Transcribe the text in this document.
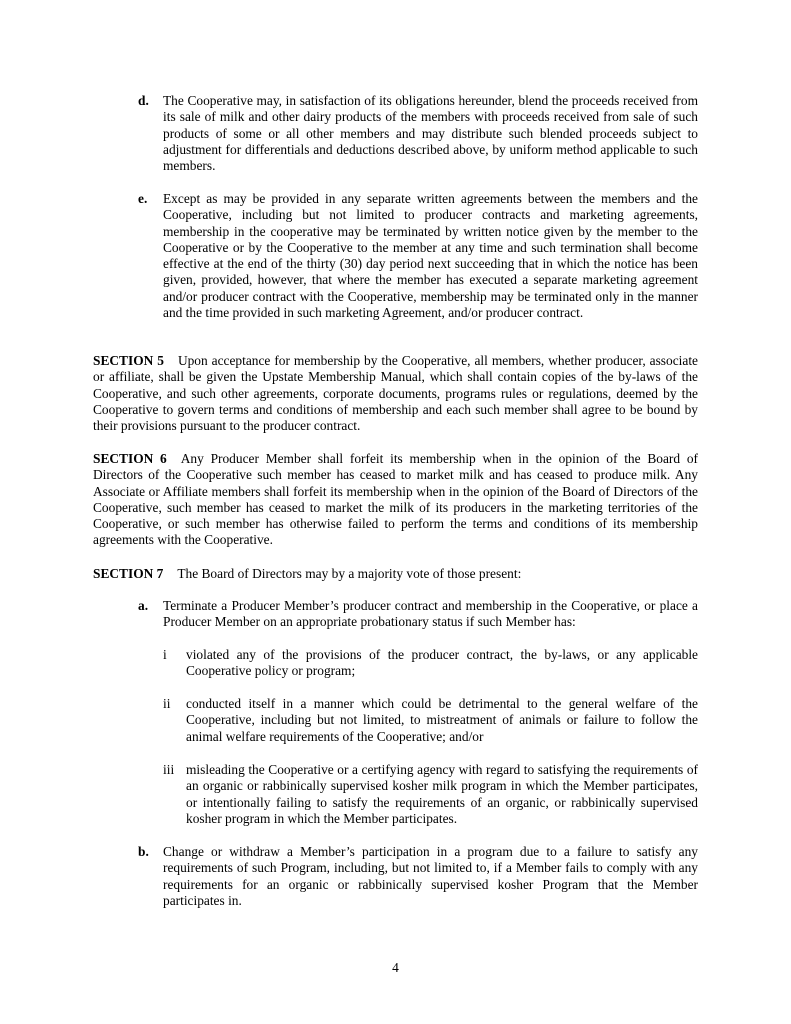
d. The Cooperative may, in satisfaction of its obligations hereunder, blend the proceeds received from its sale of milk and other dairy products of the members with proceeds received from sale of such products of some or all other members and may distribute such blended proceeds subject to adjustment for differentials and deductions described above, by uniform method applicable to such members.
e. Except as may be provided in any separate written agreements between the members and the Cooperative, including but not limited to producer contracts and marketing agreements, membership in the cooperative may be terminated by written notice given by the member to the Cooperative or by the Cooperative to the member at any time and such termination shall become effective at the end of the thirty (30) day period next succeeding that in which the notice has been given, provided, however, that where the member has executed a separate marketing agreement and/or producer contract with the Cooperative, membership may be terminated only in the manner and the time provided in such marketing Agreement, and/or producer contract.
SECTION 5 Upon acceptance for membership by the Cooperative, all members, whether producer, associate or affiliate, shall be given the Upstate Membership Manual, which shall contain copies of the by-laws of the Cooperative, and such other agreements, corporate documents, programs rules or regulations, deemed by the Cooperative to govern terms and conditions of membership and each such member shall agree to be bound by their provisions pursuant to the producer contract.
SECTION 6 Any Producer Member shall forfeit its membership when in the opinion of the Board of Directors of the Cooperative such member has ceased to market milk and has ceased to produce milk. Any Associate or Affiliate members shall forfeit its membership when in the opinion of the Board of Directors of the Cooperative, such member has ceased to market the milk of its producers in the marketing territories of the Cooperative, or such member has otherwise failed to perform the terms and conditions of its membership agreements with the Cooperative.
SECTION 7 The Board of Directors may by a majority vote of those present:
a. Terminate a Producer Member’s producer contract and membership in the Cooperative, or place a Producer Member on an appropriate probationary status if such Member has:
i violated any of the provisions of the producer contract, the by-laws, or any applicable Cooperative policy or program;
ii conducted itself in a manner which could be detrimental to the general welfare of the Cooperative, including but not limited, to mistreatment of animals or failure to follow the animal welfare requirements of the Cooperative; and/or
iii misleading the Cooperative or a certifying agency with regard to satisfying the requirements of an organic or rabbinically supervised kosher milk program in which the Member participates, or intentionally failing to satisfy the requirements of an organic, or rabbinically supervised kosher program in which the Member participates.
b. Change or withdraw a Member’s participation in a program due to a failure to satisfy any requirements of such Program, including, but not limited to, if a Member fails to comply with any requirements for an organic or rabbinically supervised kosher Program that the Member participates in.
4
